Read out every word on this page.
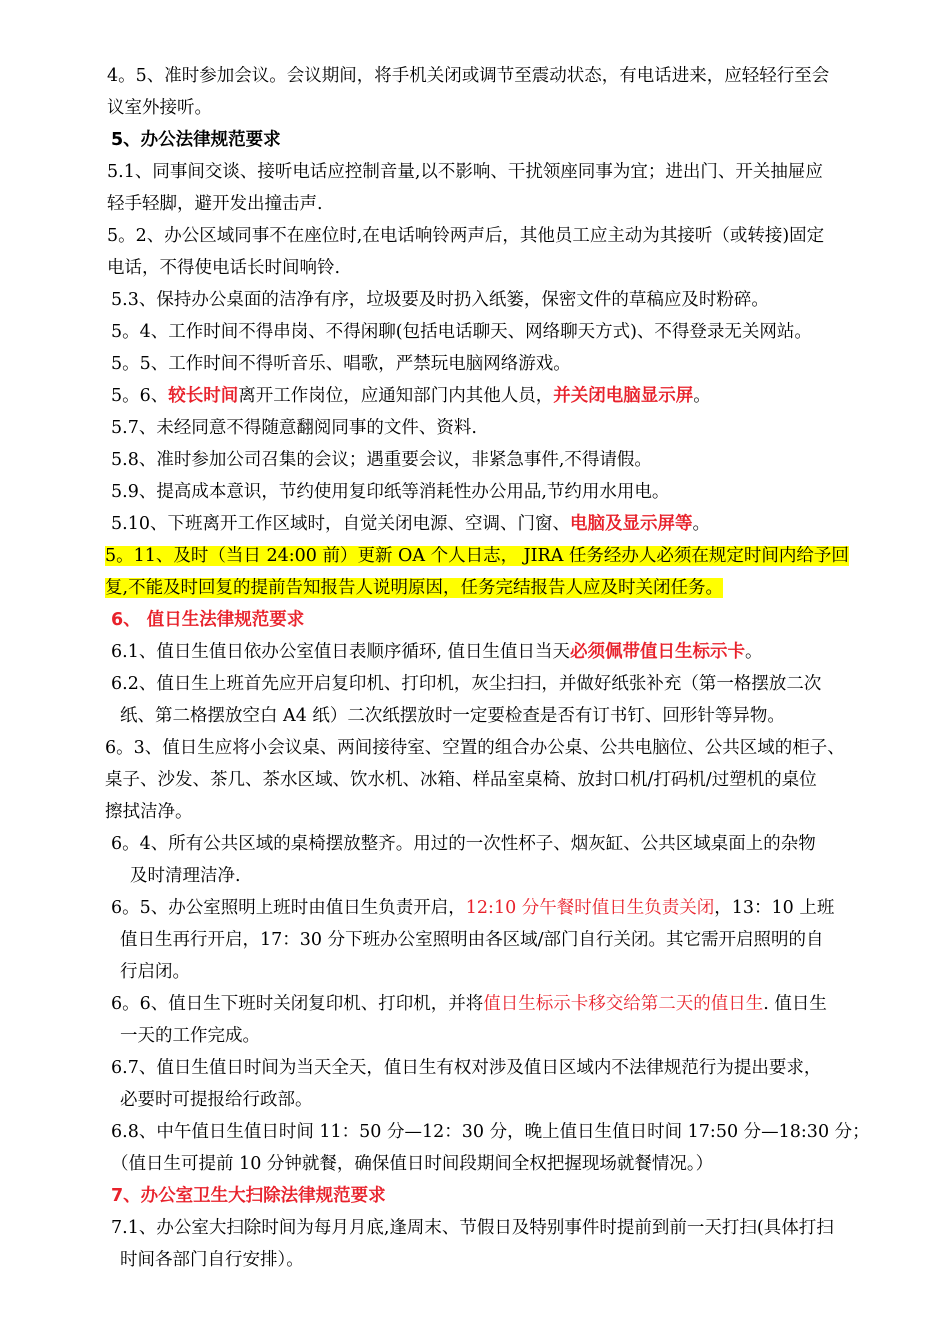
4。5、准时参加会议。会议期间，将手机关闭或调节至震动状态，有电话进来，应轻轻行至会
议室外接听。
5、办公法律规范要求
5.1、同事间交谈、接听电话应控制音量,以不影响、干扰领座同事为宜；进出门、开关抽屉应
轻手轻脚，避开发出撞击声.
5。2、办公区域同事不在座位时,在电话响铃两声后，其他员工应主动为其接听（或转接)固定
电话，不得使电话长时间响铃.
5.3、保持办公桌面的洁净有序，垃圾要及时扔入纸篓，保密文件的草稿应及时粉碎。
5。4、工作时间不得串岗、不得闲聊(包括电话聊天、网络聊天方式)、不得登录无关网站。
5。5、工作时间不得听音乐、唱歌，严禁玩电脑网络游戏。
5。6、较长时间离开工作岗位，应通知部门内其他人员，并关闭电脑显示屏。
5.7、未经同意不得随意翻阅同事的文件、资料.
5.8、准时参加公司召集的会议；遇重要会议，非紧急事件,不得请假。
5.9、提高成本意识，节约使用复印纸等消耗性办公用品,节约用水用电。
5.10、下班离开工作区域时，自觉关闭电源、空调、门窗、电脑及显示屏等。
5。11、及时（当日 24:00 前）更新 OA 个人日志， JIRA 任务经办人必须在规定时间内给予回
复,不能及时回复的提前告知报告人说明原因，任务完结报告人应及时关闭任务。
6、 值日生法律规范要求
6.1、值日生值日依办公室值日表顺序循环, 值日生值日当天必须佩带值日生标示卡。
6.2、值日生上班首先应开启复印机、打印机，灰尘扫扫，并做好纸张补充（第一格摆放二次
纸、第二格摆放空白 A4 纸）二次纸摆放时一定要检查是否有订书钉、回形针等异物。
6。3、值日生应将小会议桌、两间接待室、空置的组合办公桌、公共电脑位、公共区域的柜子、
桌子、沙发、茶几、茶水区域、饮水机、冰箱、样品室桌椅、放封口机/打码机/过塑机的桌位
擦拭洁净。
6。4、所有公共区域的桌椅摆放整齐。用过的一次性杯子、烟灰缸、公共区域桌面上的杂物
及时清理洁净.
6。5、办公室照明上班时由值日生负责开启，12:10 分午餐时值日生负责关闭，13：10 上班
值日生再行开启，17：30 分下班办公室照明由各区域/部门自行关闭。其它需开启照明的自
行启闭。
6。6、值日生下班时关闭复印机、打印机，并将值日生标示卡移交给第二天的值日生. 值日生
一天的工作完成。
6.7、值日生值日时间为当天全天，值日生有权对涉及值日区域内不法律规范行为提出要求，
必要时可提报给行政部。
6.8、中午值日生值日时间 11：50 分—12：30 分，晚上值日生值日时间 17:50 分—18:30 分；
（值日生可提前 10 分钟就餐，确保值日时间段期间全权把握现场就餐情况。）
7、办公室卫生大扫除法律规范要求
7.1、办公室大扫除时间为每月月底,逢周末、节假日及特别事件时提前到前一天打扫(具体打扫
时间各部门自行安排）。
